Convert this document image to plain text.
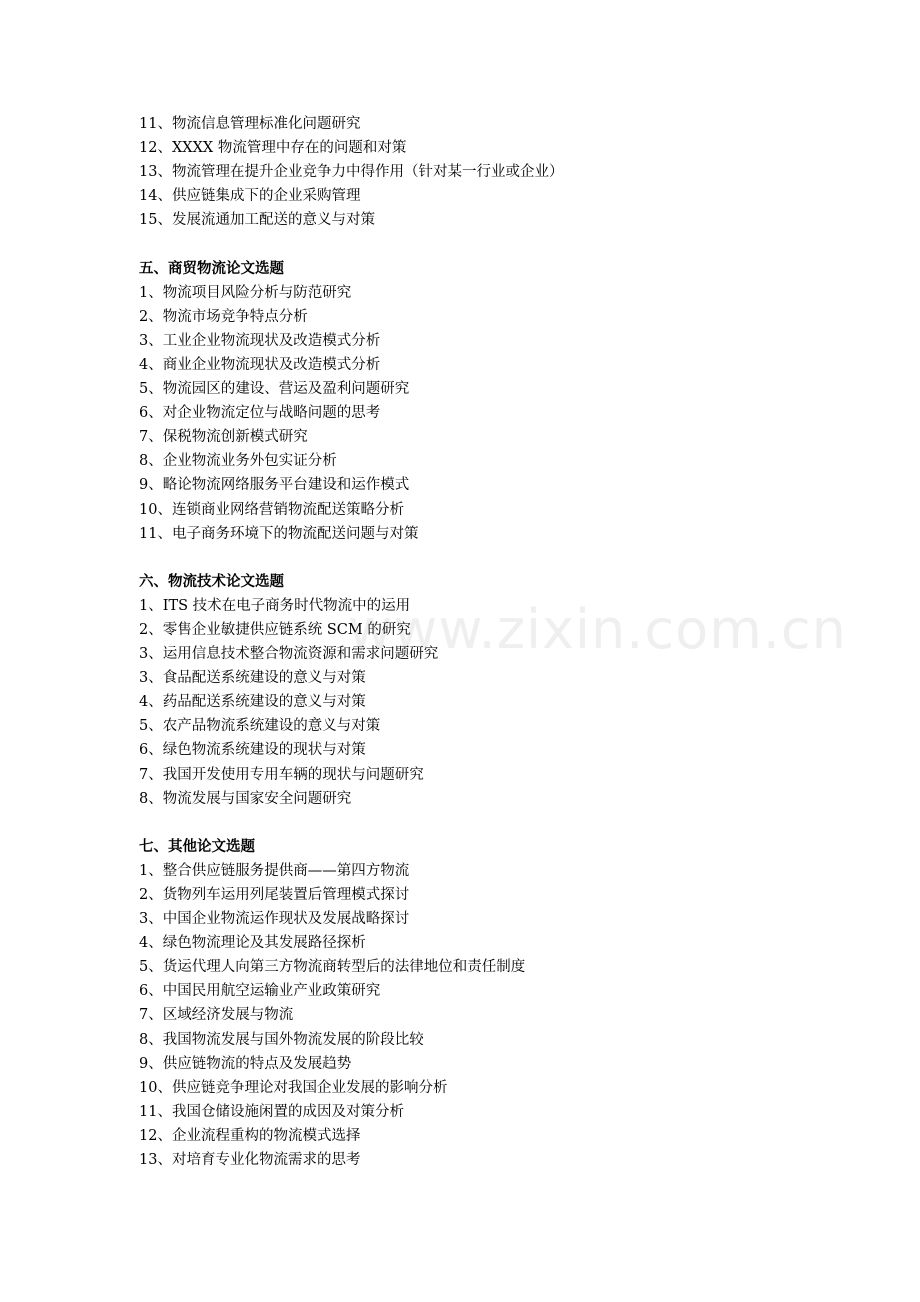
www.zixin.com.cn
11、物流信息管理标准化问题研究
12、XXXX 物流管理中存在的问题和对策
13、物流管理在提升企业竞争力中得作用（针对某一行业或企业）
14、供应链集成下的企业采购管理
15、发展流通加工配送的意义与对策
五、商贸物流论文选题
1、物流项目风险分析与防范研究
2、物流市场竞争特点分析
3、工业企业物流现状及改造模式分析
4、商业企业物流现状及改造模式分析
5、物流园区的建设、营运及盈利问题研究
6、对企业物流定位与战略问题的思考
7、保税物流创新模式研究
8、企业物流业务外包实证分析
9、略论物流网络服务平台建设和运作模式
10、连锁商业网络营销物流配送策略分析
11、电子商务环境下的物流配送问题与对策
六、物流技术论文选题
1、ITS 技术在电子商务时代物流中的运用
2、零售企业敏捷供应链系统 SCM 的研究
3、运用信息技术整合物流资源和需求问题研究
3、食品配送系统建设的意义与对策
4、药品配送系统建设的意义与对策
5、农产品物流系统建设的意义与对策
6、绿色物流系统建设的现状与对策
7、我国开发使用专用车辆的现状与问题研究
8、物流发展与国家安全问题研究
七、其他论文选题
1、整合供应链服务提供商——第四方物流
2、货物列车运用列尾装置后管理模式探讨
3、中国企业物流运作现状及发展战略探讨
4、绿色物流理论及其发展路径探析
5、货运代理人向第三方物流商转型后的法律地位和责任制度
6、中国民用航空运输业产业政策研究
7、区域经济发展与物流
8、我国物流发展与国外物流发展的阶段比较
9、供应链物流的特点及发展趋势
10、供应链竞争理论对我国企业发展的影响分析
11、我国仓储设施闲置的成因及对策分析
12、企业流程重构的物流模式选择
13、对培育专业化物流需求的思考
